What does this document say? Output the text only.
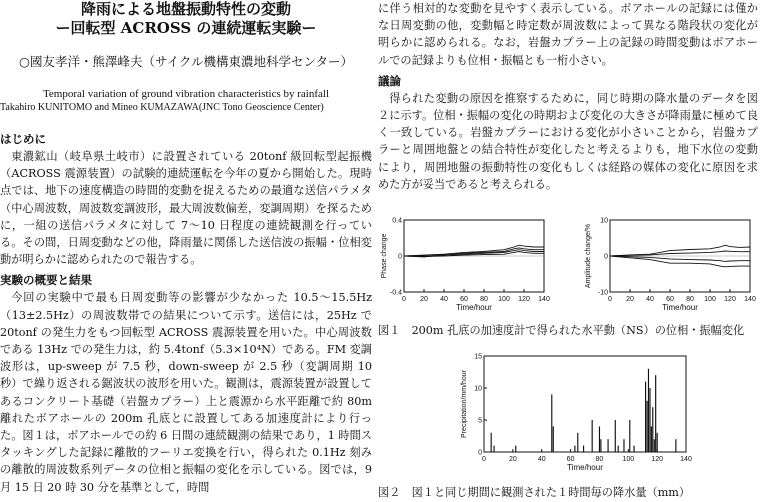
降雨による地盤振動特性の変動
ー回転型 ACROSS の連続運転実験ー
○國友孝洋・熊澤峰夫（サイクル機構東濃地科学センター）
Temporal variation of ground vibration characteristics by rainfall
Takahiro KUNITOMO and Mineo KUMAZAWA(JNC Tono Geoscience Center)
はじめに
東濃鉱山（岐阜県土岐市）に設置されている 20tonf 級回転型起振機（ACROSS 震源装置）の試験的連続運転を今年の夏から開始した。現時点では、地下の速度構造の時間的変動を捉えるための最適な送信パラメタ（中心周波数，周波数変調波形，最大周波数偏差，変調周期）を探るために，一組の送信パラメタに対して 7～10 日程度の連続観測を行っている。その間，日周変動などの他，降雨量に関係した送信波の振幅・位相変動が明らかに認められたので報告する。
実験の概要と結果
今回の実験中で最も日周変動等の影響が少なかった 10.5～15.5Hz（13±2.5Hz）の周波数帯での結果について示す。送信には，25Hz で 20tonf の発生力をもつ回転型 ACROSS 震源装置を用いた。中心周波数である 13Hz での発生力は，約 5.4tonf（5.3×10⁴N）である。FM 変調波形は，up-sweep が 7.5 秒，down-sweep が 2.5 秒（変調周期 10 秒）で繰り返される鋸波状の波形を用いた。観測は，震源装置が設置してあるコンクリート基礎（岩盤カプラー）上と震源から水平距離で約 80m 離れたボアホールの 200m 孔底とに設置してある加速度計により行った。図１は，ボアホールでの約 6 日間の連続観測の結果であり，1 時間スタッキングした記録に離散的フーリエ変換を行い，得られた 0.1Hz 刻みの離散的周波数系列データの位相と振幅の変化を示している。図では，9 月 15 日 20 時 30 分を基準として，時間
に伴う相対的な変動を見やすく表示している。ボアホールの記録には僅かな日周変動の他，変動幅と時定数が周波数によって異なる階段状の変化が明らかに認められる。なお，岩盤カプラー上の記録の時間変動はボアホールでの記録よりも位相・振幅とも一桁小さい。
議論
得られた変動の原因を推察するために，同じ時期の降水量のデータを図２に示す。位相・振幅の変化の時期および変化の大きさが降雨量に極めて良く一致している。岩盤カプラーにおける変化が小さいことから，岩盤カプラーと周囲地盤との結合特性が変化したと考えるよりも，地下水位の変動により，周囲地盤の振動特性の変化もしくは経路の媒体の変化に原因を求めた方が妥当であると考えられる。
0 20 40 60 80 100 120 140
-0.4
0
0.4
Time/hour
Phase change
0 20 40 60 80 100 120 140
-10
0
10
Time/hour
Amplitude change/%
図１　200m 孔底の加速度計で得られた水平動（NS）の位相・振幅変化
0	20	40	60	80	100 120 140
0
5
10
15
Time/hour
Precipitation/mm/hour
図２　図１と同じ期間に観測された１時間毎の降水量（mm）
